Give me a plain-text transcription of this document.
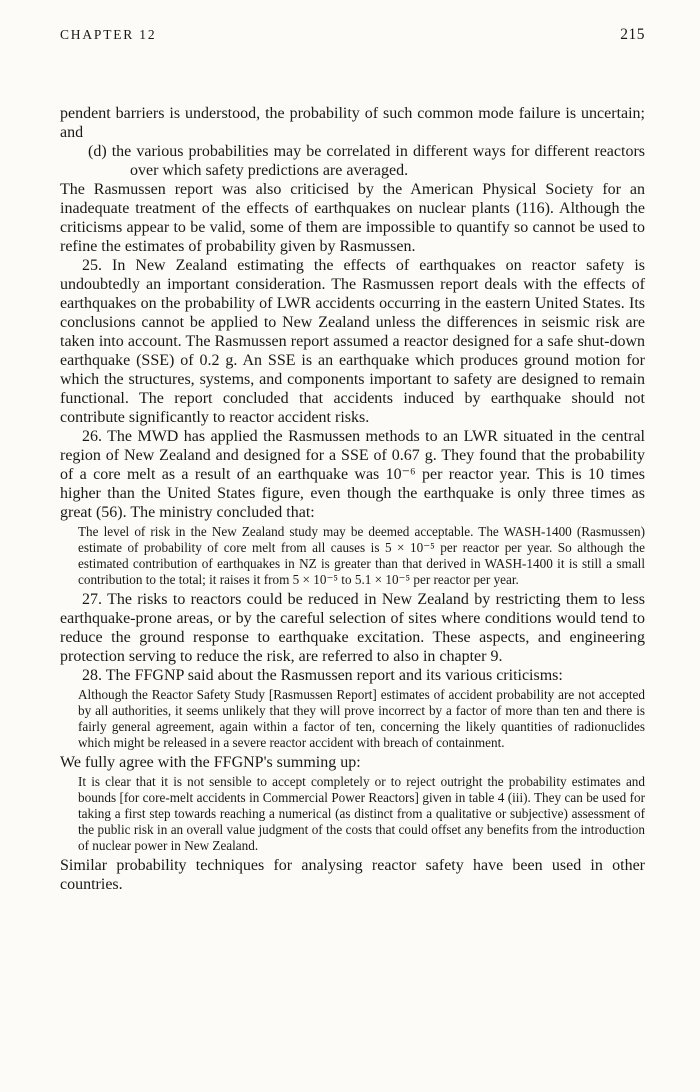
CHAPTER 12	215

pendent barriers is understood, the probability of such common mode failure is uncertain; and

(d) the various probabilities may be correlated in different ways for different reactors over which safety predictions are averaged.

The Rasmussen report was also criticised by the American Physical Society for an inadequate treatment of the effects of earthquakes on nuclear plants (116). Although the criticisms appear to be valid, some of them are impossible to quantify so cannot be used to refine the estimates of probability given by Rasmussen.

25. In New Zealand estimating the effects of earthquakes on reactor safety is undoubtedly an important consideration. The Rasmussen report deals with the effects of earthquakes on the probability of LWR accidents occurring in the eastern United States. Its conclusions cannot be applied to New Zealand unless the differences in seismic risk are taken into account. The Rasmussen report assumed a reactor designed for a safe shut-down earthquake (SSE) of 0.2 g. An SSE is an earthquake which produces ground motion for which the structures, systems, and components important to safety are designed to remain functional. The report concluded that accidents induced by earthquake should not contribute significantly to reactor accident risks.

26. The MWD has applied the Rasmussen methods to an LWR situated in the central region of New Zealand and designed for a SSE of 0.67 g. They found that the probability of a core melt as a result of an earthquake was 10⁻⁶ per reactor year. This is 10 times higher than the United States figure, even though the earthquake is only three times as great (56). The ministry concluded that:

The level of risk in the New Zealand study may be deemed acceptable. The WASH-1400 (Rasmussen) estimate of probability of core melt from all causes is 5 × 10⁻⁵ per reactor per year. So although the estimated contribution of earthquakes in NZ is greater than that derived in WASH-1400 it is still a small contribution to the total; it raises it from 5 × 10⁻⁵ to 5.1 × 10⁻⁵ per reactor per year.

27. The risks to reactors could be reduced in New Zealand by restricting them to less earthquake-prone areas, or by the careful selection of sites where conditions would tend to reduce the ground response to earthquake excitation. These aspects, and engineering protection serving to reduce the risk, are referred to also in chapter 9.

28. The FFGNP said about the Rasmussen report and its various criticisms:

Although the Reactor Safety Study [Rasmussen Report] estimates of accident probability are not accepted by all authorities, it seems unlikely that they will prove incorrect by a factor of more than ten and there is fairly general agreement, again within a factor of ten, concerning the likely quantities of radionuclides which might be released in a severe reactor accident with breach of containment.

We fully agree with the FFGNP's summing up:

It is clear that it is not sensible to accept completely or to reject outright the probability estimates and bounds [for core-melt accidents in Commercial Power Reactors] given in table 4 (iii). They can be used for taking a first step towards reaching a numerical (as distinct from a qualitative or subjective) assessment of the public risk in an overall value judgment of the costs that could offset any benefits from the introduction of nuclear power in New Zealand.

Similar probability techniques for analysing reactor safety have been used in other countries.
